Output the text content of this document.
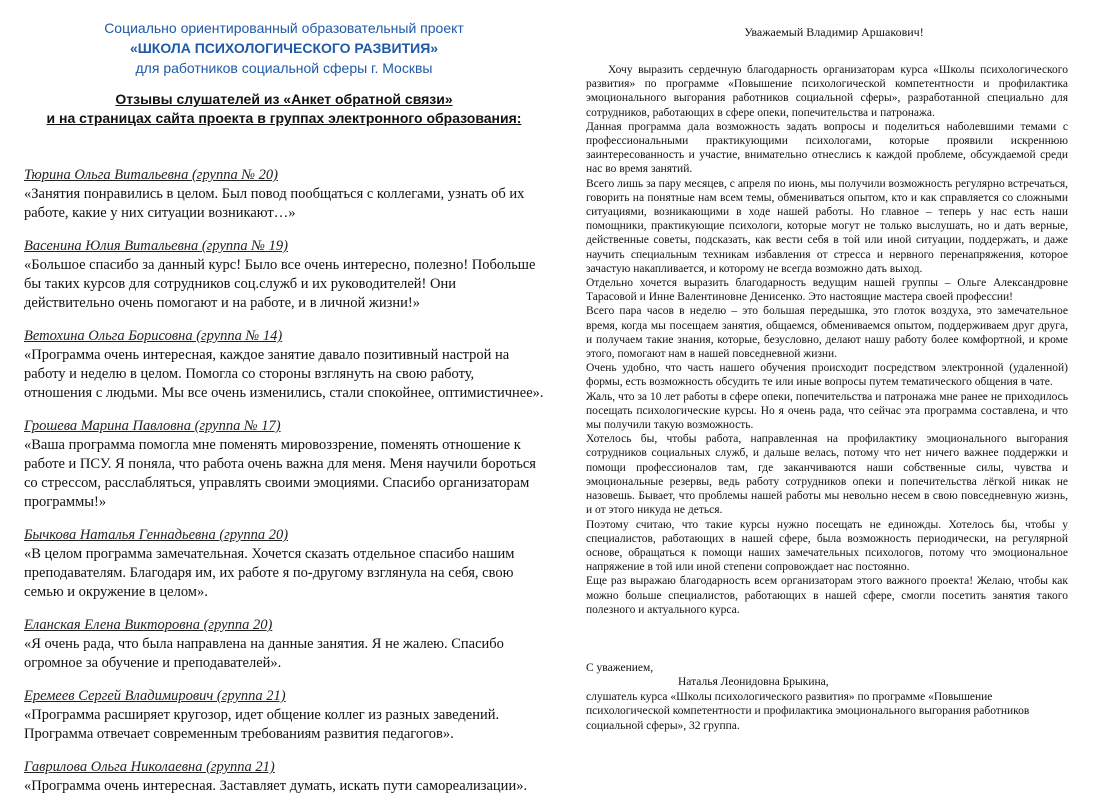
Социально ориентированный образовательный проект
«ШКОЛА ПСИХОЛОГИЧЕСКОГО РАЗВИТИЯ»
для работников социальной сферы г. Москвы
Отзывы слушателей из «Анкет обратной связи»
и на страницах сайта проекта в группах электронного образования:
Тюрина Ольга Витальевна (группа № 20)
«Занятия понравились в целом. Был повод пообщаться с коллегами, узнать об их работе, какие у них ситуации возникают…»
Васенина Юлия Витальевна (группа № 19)
«Большое спасибо за данный курс! Было все очень интересно, полезно! Побольше бы таких курсов для сотрудников соц.служб и их руководителей! Они действительно очень помогают и на работе, и в личной жизни!»
Ветохина Ольга Борисовна (группа № 14)
«Программа очень интересная, каждое занятие давало позитивный настрой на работу и неделю в целом. Помогла со стороны взглянуть на свою работу, отношения с людьми. Мы все очень изменились, стали спокойнее, оптимистичнее».
Грошева Марина Павловна (группа № 17)
«Ваша программа помогла мне поменять мировоззрение, поменять отношение к работе и ПСУ. Я поняла, что работа очень важна для меня. Меня научили бороться со стрессом, расслабляться, управлять своими эмоциями. Спасибо организаторам программы!»
Бычкова Наталья Геннадьевна (группа 20)
«В целом программа замечательная. Хочется сказать отдельное спасибо нашим преподавателям. Благодаря им, их работе я по-другому взглянула на себя, свою семью и окружение в целом».
Еланская Елена Викторовна (группа 20)
«Я очень рада, что была направлена на данные занятия. Я не жалею. Спасибо огромное за обучение и преподавателей».
Еремеев Сергей Владимирович (группа 21)
«Программа расширяет кругозор, идет общение коллег из разных заведений. Программа отвечает современным требованиям развития педагогов».
Гаврилова Ольга Николаевна (группа 21)
«Программа очень интересная. Заставляет думать, искать пути самореализации».
Уважаемый Владимир Аршакович!

Хочу выразить сердечную благодарность организаторам курса «Школы психологического развития» по программе «Повышение психологической компетентности и профилактика эмоционального выгорания работников социальной сферы», разработанной специально для сотрудников, работающих в сфере опеки, попечительства и патронажа.

Данная программа дала возможность задать вопросы и поделиться наболевшими темами с профессиональными практикующими психологами, которые проявили искреннюю заинтересованность и участие, внимательно отнеслись к каждой проблеме, обсуждаемой среди нас во время занятий.

Всего лишь за пару месяцев, с апреля по июнь, мы получили возможность регулярно встречаться, говорить на понятные нам всем темы, обмениваться опытом, кто и как справляется со сложными ситуациями, возникающими в ходе нашей работы. Но главное – теперь у нас есть наши помощники, практикующие психологи, которые могут не только выслушать, но и дать верные, действенные советы, подсказать, как вести себя в той или иной ситуации, поддержать, и даже научить специальным техникам избавления от стресса и нервного перенапряжения, которое зачастую накапливается, и которому не всегда возможно дать выход.

Отдельно хочется выразить благодарность ведущим нашей группы – Ольге Александровне Тарасовой и Инне Валентиновне Денисенко. Это настоящие мастера своей профессии!

Всего пара часов в неделю – это большая передышка, это глоток воздуха, это замечательное время, когда мы посещаем занятия, общаемся, обмениваемся опытом, поддерживаем друг друга, и получаем такие знания, которые, безусловно, делают нашу работу более комфортной, и кроме этого, помогают нам в нашей повседневной жизни.

Очень удобно, что часть нашего обучения происходит посредством электронной (удаленной) формы, есть возможность обсудить те или иные вопросы путем тематического общения в чате.

Жаль, что за 10 лет работы в сфере опеки, попечительства и патронажа мне ранее не приходилось посещать психологические курсы. Но я очень рада, что сейчас эта программа составлена, и что мы получили такую возможность.

Хотелось бы, чтобы работа, направленная на профилактику эмоционального выгорания сотрудников социальных служб, и дальше велась, потому что нет ничего важнее поддержки и помощи профессионалов там, где заканчиваются наши собственные силы, чувства и эмоциональные резервы, ведь работу сотрудников опеки и попечительства лёгкой никак не назовешь. Бывает, что проблемы нашей работы мы невольно несем в свою повседневную жизнь, и от этого никуда не деться.

Поэтому считаю, что такие курсы нужно посещать не единожды. Хотелось бы, чтобы у специалистов, работающих в нашей сфере, была возможность периодически, на регулярной основе, обращаться к помощи наших замечательных психологов, потому что эмоциональное напряжение в той или иной степени сопровождает нас постоянно.

Еще раз выражаю благодарность всем организаторам этого важного проекта! Желаю, чтобы как можно больше специалистов, работающих в нашей сфере, смогли посетить занятия такого полезного и актуального курса.

С уважением,
Наталья Леонидовна Брыкина,
слушатель курса «Школы психологического развития» по программе «Повышение психологической компетентности и профилактика эмоционального выгорания работников социальной сферы», 32 группа.
